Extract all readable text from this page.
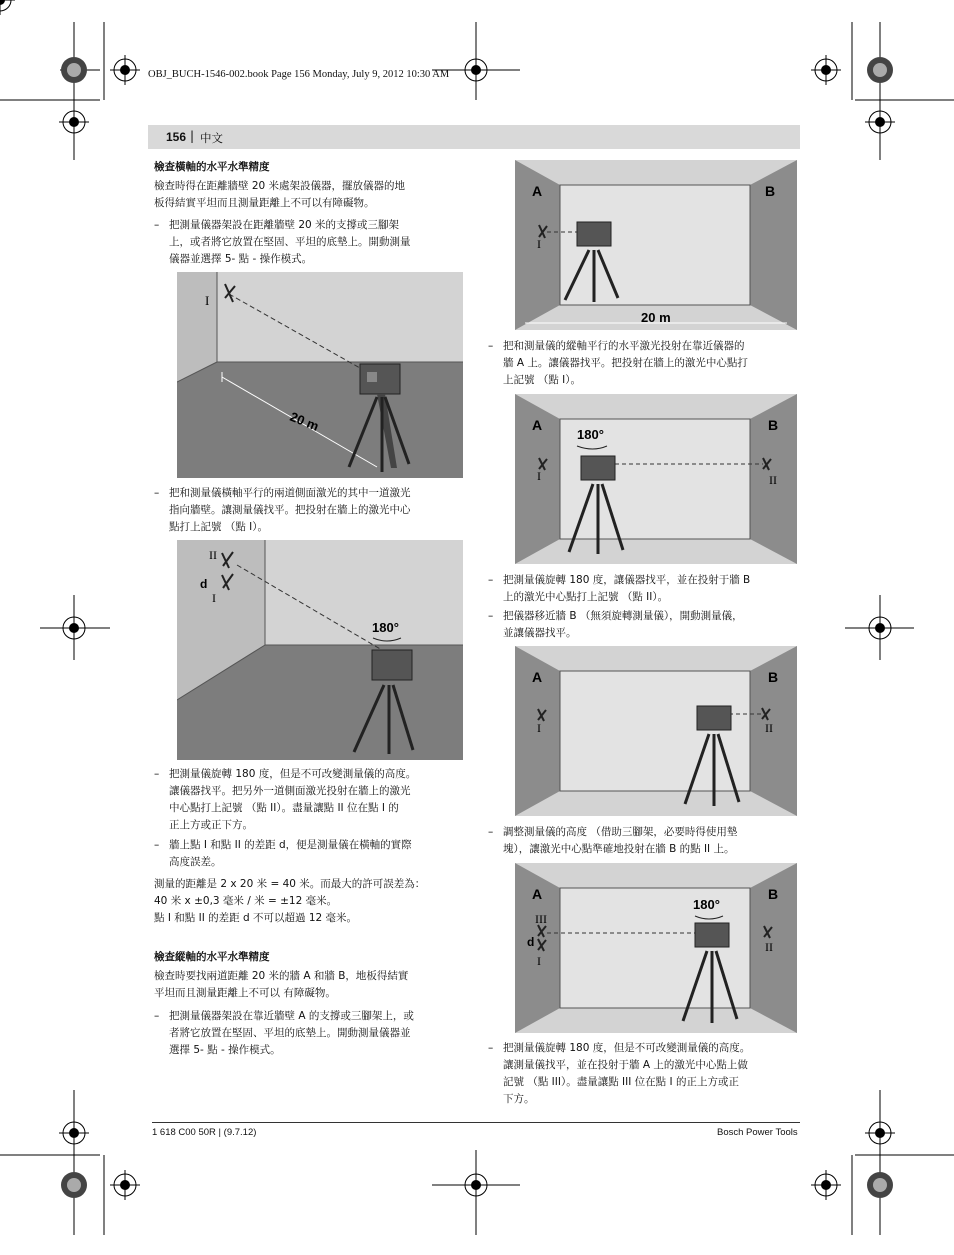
OBJ_BUCH-1546-002.book Page 156 Monday, July 9, 2012 10:30 AM
156 | 中文
檢查橫軸的水平水準精度
檢查時得在距離牆壁 20 米處架設儀器，擺放儀器的地
板得結實平坦而且測量距離上不可以有障礙物。
– 把測量儀器架設在距離牆壁 20 米的支撐或三腳架
上，或者將它放置在堅固、平坦的底墊上。開動測量
儀器並選擇 5- 點 - 操作模式。
I
20 m
– 把和測量儀橫軸平行的兩道側面激光的其中一道激光
指向牆壁。讓測量儀找平。把投射在牆上的激光中心
點打上記號 （點 I）。
II
d
I
180°
– 把測量儀旋轉 180 度，但是不可改變測量儀的高度。
讓儀器找平。把另外一道側面激光投射在牆上的激光
中心點打上記號 （點 II）。盡量讓點 II 位在點 I 的
正上方或正下方。
– 牆上點 I 和點 II 的差距 d，便是測量儀在橫軸的實際
高度誤差。
測量的距離是 2 x 20 米 = 40 米。而最大的許可誤差為：
40 米 x ±0,3 毫米 / 米 = ±12 毫米。
點 I 和點 II 的差距 d 不可以超過 12 毫米。
檢查縱軸的水平水準精度
檢查時要找兩道距離 20 米的牆 A 和牆 B，地板得結實
平坦而且測量距離上不可以 有障礙物。
– 把測量儀器架設在靠近牆壁 A 的支撐或三腳架上，或
者將它放置在堅固、平坦的底墊上。開動測量儀器並
選擇 5- 點 - 操作模式。
A	B
I
20 m
– 把和測量儀的縱軸平行的水平激光投射在靠近儀器的
牆 A 上。讓儀器找平。把投射在牆上的激光中心點打
上記號 （點 I）。
A	B
180°
I	II
– 把測量儀旋轉 180 度，讓儀器找平，並在投射于牆 B
上的激光中心點打上記號 （點 II）。
– 把儀器移近牆 B （無須旋轉測量儀），開動測量儀，
並讓儀器找平。
A	B
I	II
– 調整測量儀的高度 （借助三腳架，必要時得使用墊
塊），讓激光中心點準確地投射在牆 B 的點 II 上。
A	B
180°
III
d
I
II
– 把測量儀旋轉 180 度，但是不可改變測量儀的高度。
讓測量儀找平，並在投射于牆 A 上的激光中心點上做
記號 （點 III）。盡量讓點 III 位在點 I 的正上方或正
下方。
1 618 C00 50R | (9.7.12)	Bosch Power Tools
